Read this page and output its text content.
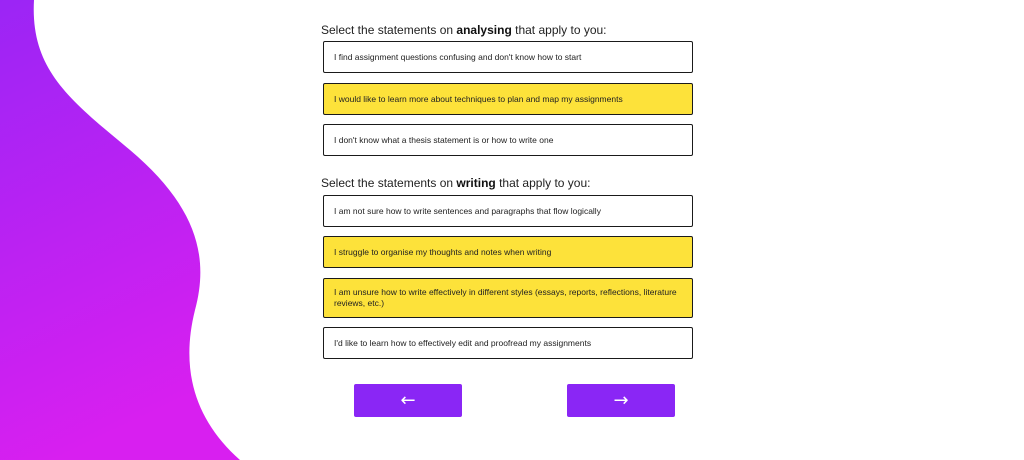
Select the statements on analysing that apply to you:
I find assignment questions confusing and don't know how to start
I would like to learn more about techniques to plan and map my assignments
I don't know what a thesis statement is or how to write one
Select the statements on writing that apply to you:
I am not sure how to write sentences and paragraphs that flow logically
I struggle to organise my thoughts and notes when writing
I am unsure how to write effectively in different styles (essays, reports, reflections, literature reviews, etc.)
I'd like to learn how to effectively edit and proofread my assignments
←	→
